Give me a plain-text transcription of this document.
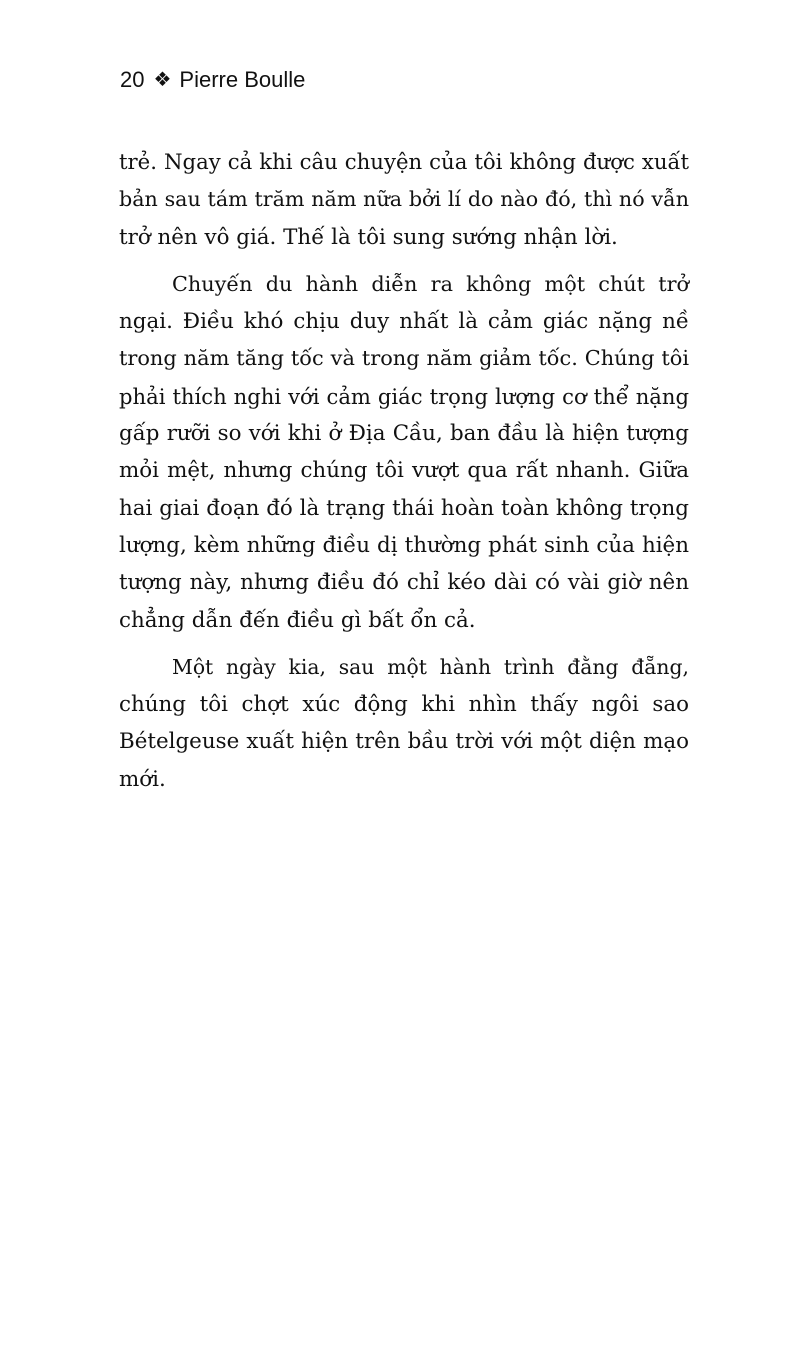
20 ❖ Pierre Boulle

trẻ. Ngay cả khi câu chuyện của tôi không được xuất
bản sau tám trăm năm nữa bởi lí do nào đó, thì nó vẫn
trở nên vô giá. Thế là tôi sung sướng nhận lời.

Chuyến du hành diễn ra không một chút trở
ngại. Điều khó chịu duy nhất là cảm giác nặng nề
trong năm tăng tốc và trong năm giảm tốc. Chúng tôi
phải thích nghi với cảm giác trọng lượng cơ thể nặng
gấp rưỡi so với khi ở Địa Cầu, ban đầu là hiện tượng
mỏi mệt, nhưng chúng tôi vượt qua rất nhanh. Giữa
hai giai đoạn đó là trạng thái hoàn toàn không trọng
lượng, kèm những điều dị thường phát sinh của hiện
tượng này, nhưng điều đó chỉ kéo dài có vài giờ nên
chẳng dẫn đến điều gì bất ổn cả.

Một ngày kia, sau một hành trình đằng đẵng,
chúng tôi chợt xúc động khi nhìn thấy ngôi sao
Bételgeuse xuất hiện trên bầu trời với một diện mạo
mới.
